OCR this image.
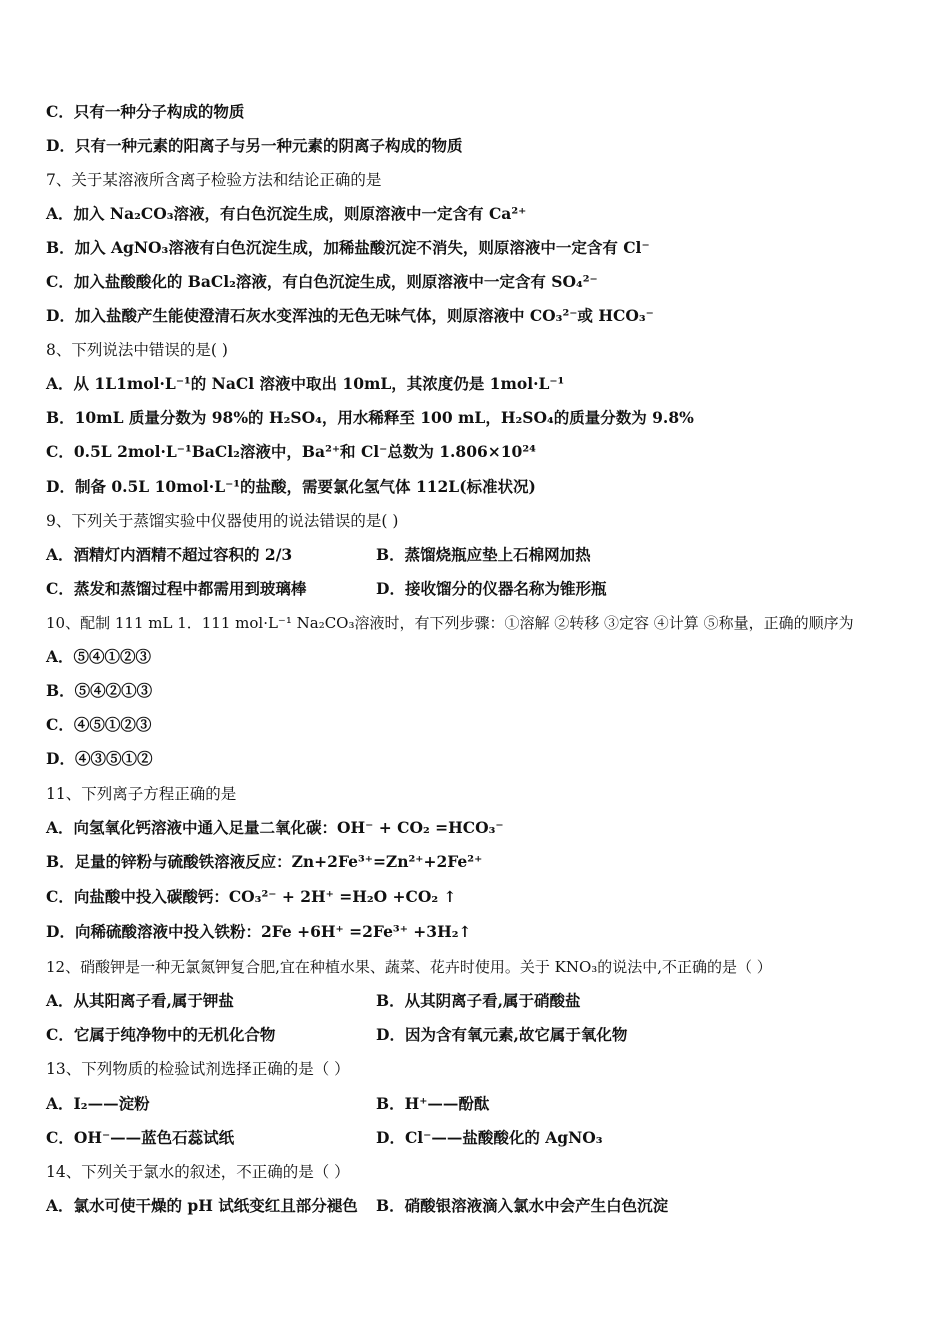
C．只有一种分子构成的物质
D．只有一种元素的阳离子与另一种元素的阴离子构成的物质
7、关于某溶液所含离子检验方法和结论正确的是
A．加入 Na₂CO₃溶液，有白色沉淀生成，则原溶液中一定含有 Ca²⁺
B．加入 AgNO₃溶液有白色沉淀生成，加稀盐酸沉淀不消失，则原溶液中一定含有 Cl⁻
C．加入盐酸酸化的 BaCl₂溶液，有白色沉淀生成，则原溶液中一定含有 SO₄²⁻
D．加入盐酸产生能使澄清石灰水变浑浊的无色无味气体，则原溶液中 CO₃²⁻或 HCO₃⁻
8、下列说法中错误的是( )
A．从 1L1mol·L⁻¹的 NaCl 溶液中取出 10mL，其浓度仍是 1mol·L⁻¹
B．10mL 质量分数为 98%的 H₂SO₄，用水稀释至 100 mL，H₂SO₄的质量分数为 9.8%
C．0.5L 2mol·L⁻¹BaCl₂溶液中，Ba²⁺和 Cl⁻总数为 1.806×10²⁴
D．制备 0.5L 10mol·L⁻¹的盐酸，需要氯化氢气体 112L(标准状况)
9、下列关于蒸馏实验中仪器使用的说法错误的是( )
A．酒精灯内酒精不超过容积的 2/3	B．蒸馏烧瓶应垫上石棉网加热
C．蒸发和蒸馏过程中都需用到玻璃棒	D．接收馏分的仪器名称为锥形瓶
10、配制 111 mL 1．111 mol·L⁻¹ Na₂CO₃溶液时，有下列步骤：①溶解 ②转移 ③定容 ④计算 ⑤称量，正确的顺序为
A．⑤④①②③
B．⑤④②①③
C．④⑤①②③
D．④③⑤①②
11、下列离子方程正确的是
A．向氢氧化钙溶液中通入足量二氧化碳：OH⁻ + CO₂ =HCO₃⁻
B．足量的锌粉与硫酸铁溶液反应：Zn+2Fe³⁺=Zn²⁺+2Fe²⁺
C．向盐酸中投入碳酸钙：CO₃²⁻ + 2H⁺ =H₂O +CO₂ ↑
D．向稀硫酸溶液中投入铁粉：2Fe +6H⁺ =2Fe³⁺ +3H₂↑
12、硝酸钾是一种无氯氮钾复合肥,宜在种植水果、蔬菜、花卉时使用。关于 KNO₃的说法中,不正确的是（ ）
A．从其阳离子看,属于钾盐	B．从其阴离子看,属于硝酸盐
C．它属于纯净物中的无机化合物	D．因为含有氧元素,故它属于氧化物
13、下列物质的检验试剂选择正确的是（ ）
A．I₂——淀粉	B．H⁺——酚酞
C．OH⁻——蓝色石蕊试纸	D．Cl⁻——盐酸酸化的 AgNO₃
14、下列关于氯水的叙述，不正确的是（ ）
A．氯水可使干燥的 pH 试纸变红且部分褪色 B．硝酸银溶液滴入氯水中会产生白色沉淀
